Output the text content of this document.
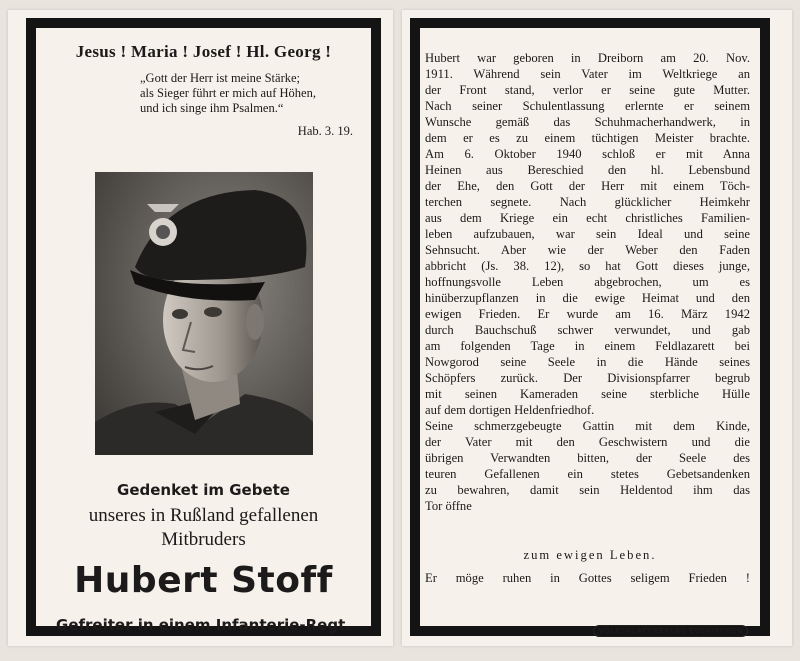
Jesus ! Maria ! Josef ! Hl. Georg !
„Gott der Herr ist meine Stärke;
als Sieger führt er mich auf Höhen,
und ich singe ihm Psalmen.“
Hab. 3. 19.
Gedenket im Gebete
unseres in Rußland gefallenen
Mitbruders
Hubert Stoff
Gefreiter in einem Infanterie-Regt.
Hubert war geboren in Dreiborn am 20. Nov.
1911. Während sein Vater im Weltkriege an
der Front stand, verlor er seine gute Mutter.
Nach seiner Schulentlassung erlernte er seinem
Wunsche gemäß das Schuhmacherhandwerk, in
dem er es zu einem tüchtigen Meister brachte.
Am 6. Oktober 1940 schloß er mit Anna
Heinen aus Bereschied den hl. Lebensbund
der Ehe, den Gott der Herr mit einem Töch-
terchen segnete. Nach glücklicher Heimkehr
aus dem Kriege ein echt christliches Familien-
leben aufzubauen, war sein Ideal und seine
Sehnsucht. Aber wie der Weber den Faden
abbricht (Js. 38. 12), so hat Gott dieses junge,
hoffnungsvolle Leben abgebrochen, um es
hinüberzupflanzen in die ewige Heimat und den
ewigen Frieden. Er wurde am 16. März 1942
durch Bauchschuß schwer verwundet, und gab
am folgenden Tage in einem Feldlazarett bei
Nowgorod seine Seele in die Hände seines
Schöpfers zurück. Der Divisionspfarrer begrub
mit seinen Kameraden seine sterbliche Hülle
auf dem dortigen Heldenfriedhof.
Seine schmerzgebeugte Gattin mit dem Kinde,
der Vater mit den Geschwistern und die
übrigen Verwandten bitten, der Seele des
teuren Gefallenen ein stetes Gebetsandenken
zu bewahren, damit sein Heldentod ihm das
Tor öffne
zum ewigen Leben.
Er möge ruhen in Gottes seligem Frieden !
VOLKSBLATT-VERLAG EUSKIRCHEN
